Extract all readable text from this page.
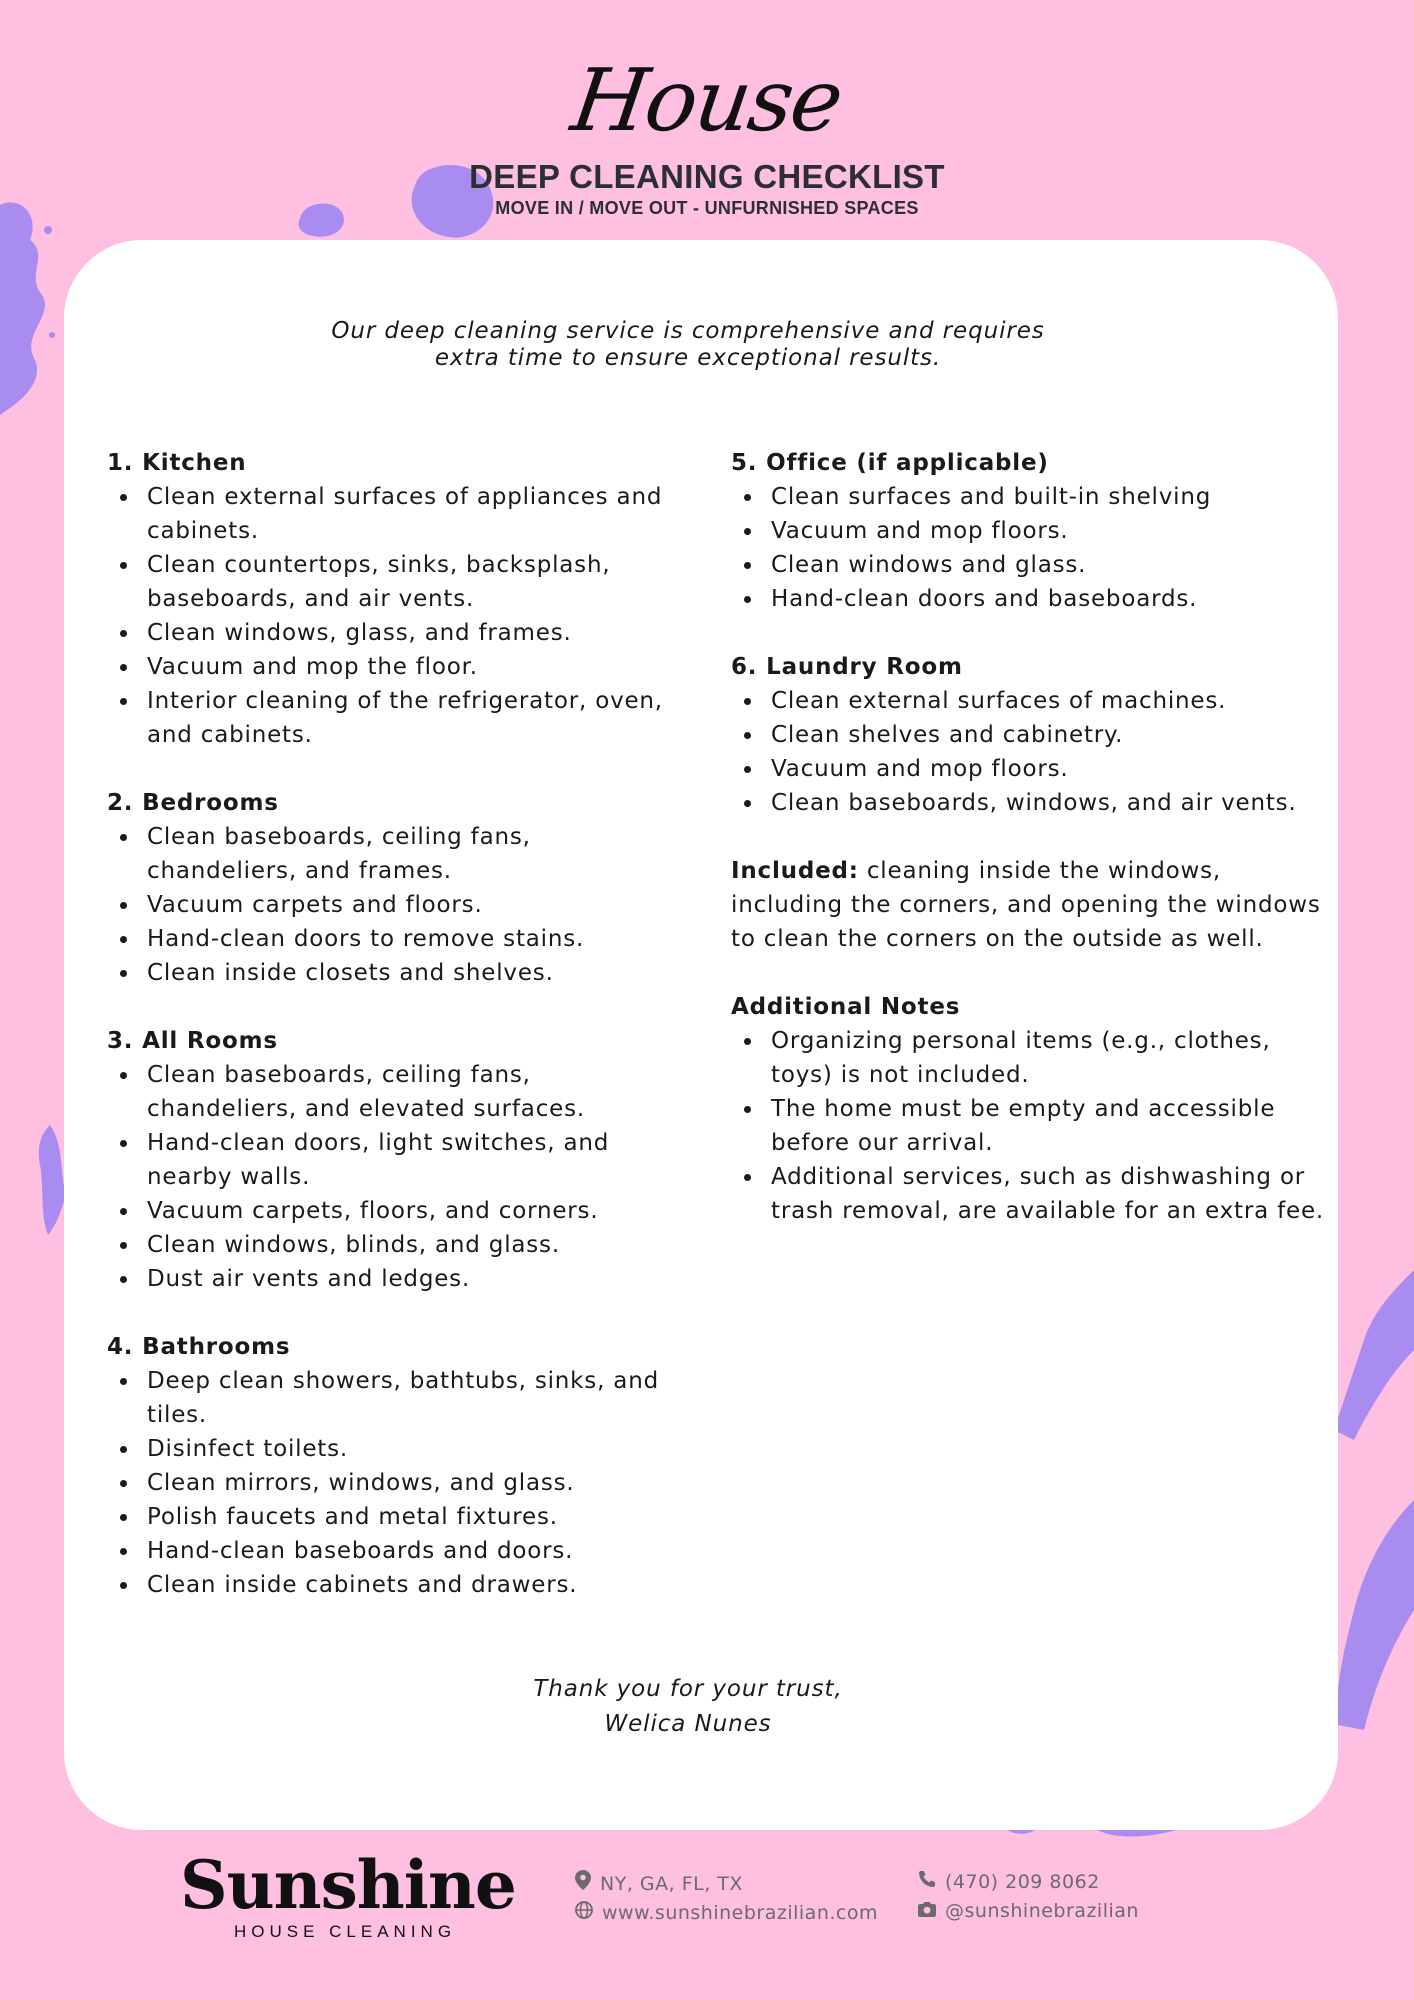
House
DEEP CLEANING CHECKLIST
MOVE IN / MOVE OUT - UNFURNISHED SPACES
Our deep cleaning service is comprehensive and requires
extra time to ensure exceptional results.
1. Kitchen
Clean external surfaces of appliances and cabinets.
Clean countertops, sinks, backsplash, baseboards, and air vents.
Clean windows, glass, and frames.
Vacuum and mop the floor.
Interior cleaning of the refrigerator, oven, and cabinets.
2. Bedrooms
Clean baseboards, ceiling fans, chandeliers, and frames.
Vacuum carpets and floors.
Hand-clean doors to remove stains.
Clean inside closets and shelves.
3. All Rooms
Clean baseboards, ceiling fans, chandeliers, and elevated surfaces.
Hand-clean doors, light switches, and nearby walls.
Vacuum carpets, floors, and corners.
Clean windows, blinds, and glass.
Dust air vents and ledges.
4. Bathrooms
Deep clean showers, bathtubs, sinks, and tiles.
Disinfect toilets.
Clean mirrors, windows, and glass.
Polish faucets and metal fixtures.
Hand-clean baseboards and doors.
Clean inside cabinets and drawers.
5. Office (if applicable)
Clean surfaces and built-in shelving
Vacuum and mop floors.
Clean windows and glass.
Hand-clean doors and baseboards.
6. Laundry Room
Clean external surfaces of machines.
Clean shelves and cabinetry.
Vacuum and mop floors.
Clean baseboards, windows, and air vents.

Included: cleaning inside the windows, including the corners, and opening the windows to clean the corners on the outside as well.

Additional Notes
Organizing personal items (e.g., clothes, toys) is not included.
The home must be empty and accessible before our arrival.
Additional services, such as dishwashing or trash removal, are available for an extra fee.
Thank you for your trust,
Welica Nunes
Sunshine
HOUSE CLEANING
NY, GA, FL, TX
www.sunshinebrazilian.com
(470) 209 8062
@sunshinebrazilian
